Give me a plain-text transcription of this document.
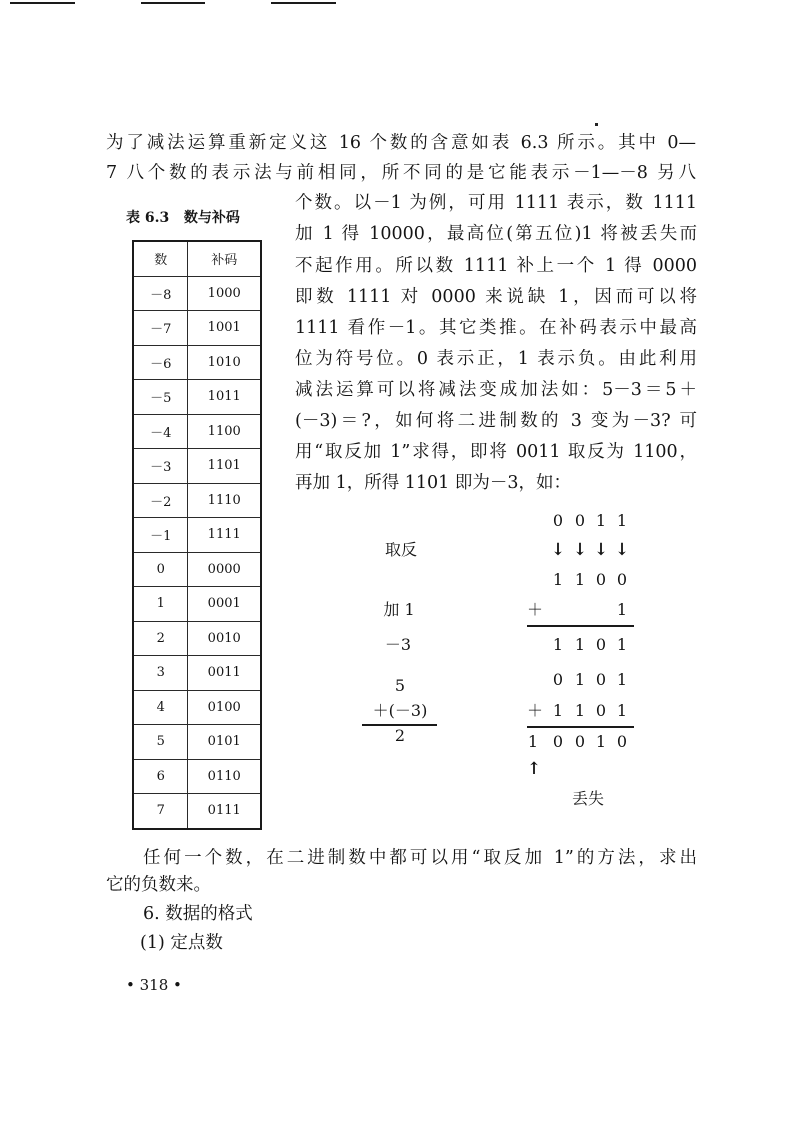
为了减法运算重新定义这 16 个数的含意如表 6.3 所示。其中 0—
7 八个数的表示法与前相同，所不同的是它能表示－1—－8 另八
表 6.3   数与补码
数	补码
－8	1000
－7	1001
－6	1010
－5	1011
－4	1100
－3	1101
－2	1110
－1	1111
0	0000
1	0001
2	0010
3	0011
4	0100
5	0101
6	0110
7	0111
个数。以－1 为例，可用 1111 表示，数 1111
加 1 得 10000，最高位(第五位)1 将被丢失而
不起作用。所以数 1111 补上一个 1 得 0000
即数 1111 对 0000 来说缺 1，因而可以将
1111 看作－1。其它类推。在补码表示中最高
位为符号位。0 表示正，1 表示负。由此利用
减法运算可以将减法变成加法如：5－3＝5＋
(－3)＝?，如何将二进制数的 3 变为－3? 可
用“取反加 1”求得，即将 0011 取反为 1100，
再加 1，所得 1101 即为－3，如：
取反
加 1
－3
0 0 1 1
↓ ↓ ↓ ↓
1 1 0 0
＋	1
1 1 0 1
5
＋(－3)
2
0 1 0 1
＋ 1 1 0 1
1 0 0 1 0
↑
丢失
任何一个数，在二进制数中都可以用“取反加 1”的方法，求出
它的负数来。
6. 数据的格式
(1) 定点数
• 318 •
